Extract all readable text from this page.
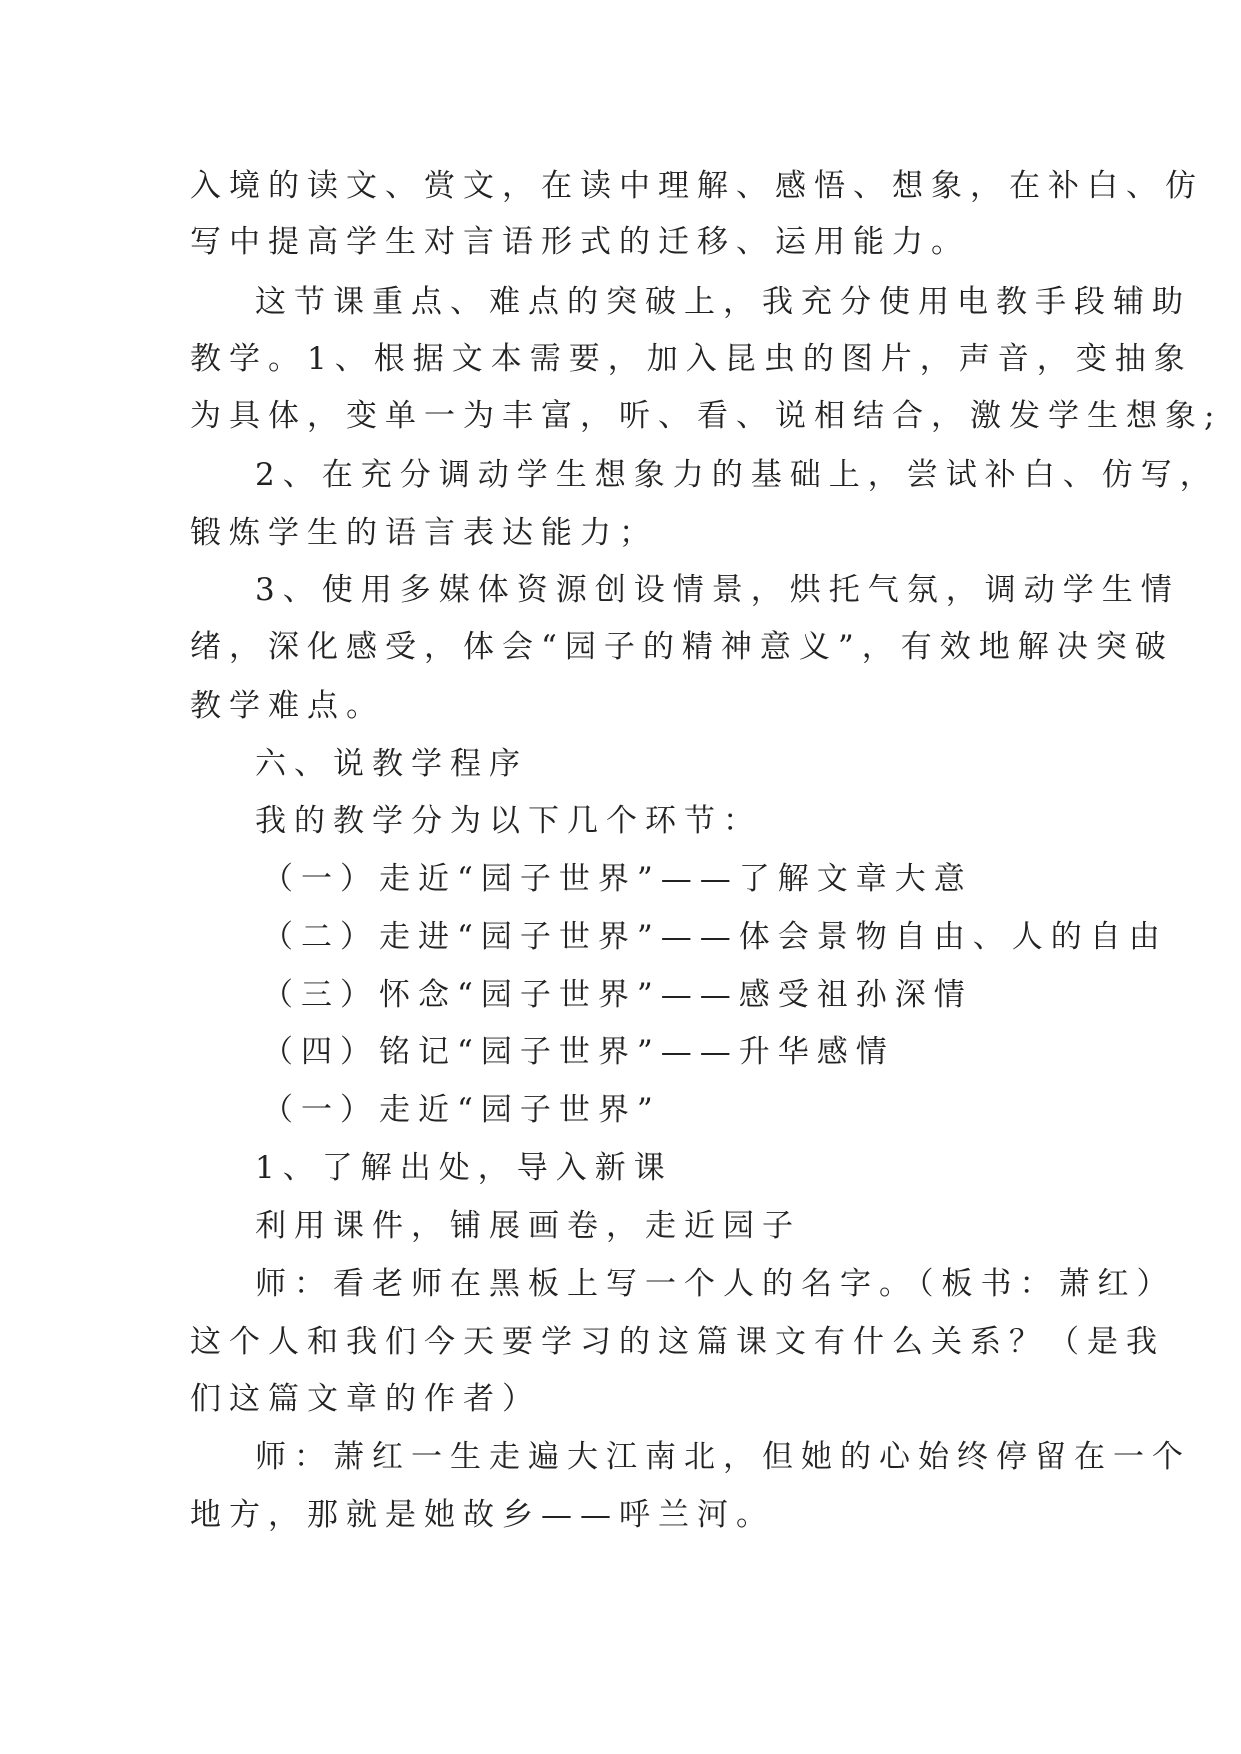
入境的读文、赏文，在读中理解、感悟、想象，在补白、仿
写中提高学生对言语形式的迁移、运用能力。
这节课重点、难点的突破上，我充分使用电教手段辅助
教学。1、根据文本需要，加入昆虫的图片，声音，变抽象
为具体，变单一为丰富，听、看、说相结合，激发学生想象;
2、在充分调动学生想象力的基础上，尝试补白、仿写，
锻炼学生的语言表达能力；
3、使用多媒体资源创设情景，烘托气氛，调动学生情
绪，深化感受，体会“园子的精神意义”，有效地解决突破
教学难点。
六、说教学程序
我的教学分为以下几个环节：
（一）走近“园子世界”——了解文章大意
（二）走进“园子世界”——体会景物自由、人的自由
（三）怀念“园子世界”——感受祖孙深情
（四）铭记“园子世界”——升华感情
（一）走近“园子世界”
1、了解出处，导入新课
利用课件，铺展画卷，走近园子
师：看老师在黑板上写一个人的名字。（板书：萧红）
这个人和我们今天要学习的这篇课文有什么关系？（是我
们这篇文章的作者）
师：萧红一生走遍大江南北，但她的心始终停留在一个
地方，那就是她故乡——呼兰河。
